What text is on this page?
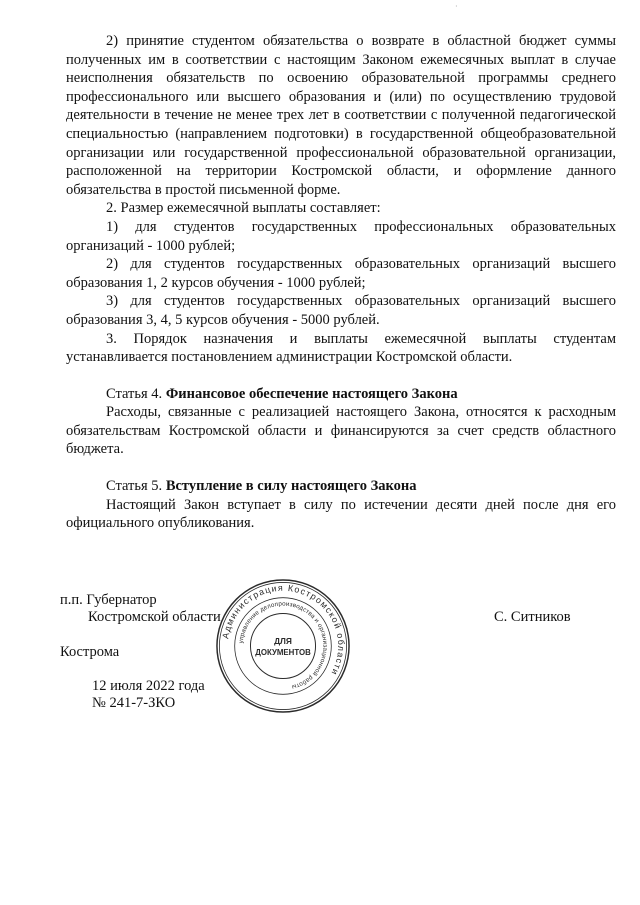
·

2) принятие студентом обязательства о возврате в областной бюджет суммы полученных им в соответствии с настоящим Законом ежемесячных выплат в случае неисполнения обязательств по освоению образовательной программы среднего профессионального или высшего образования и (или) по осуществлению трудовой деятельности в течение не менее трех лет в соответствии с полученной педагогической специальностью (направлением подготовки) в государственной общеобразовательной организации или государственной профессиональной образовательной организации, расположенной на территории Костромской области, и оформление данного обязательства в простой письменной форме.

2. Размер ежемесячной выплаты составляет:

1) для студентов государственных профессиональных образовательных организаций - 1000 рублей;

2) для студентов государственных образовательных организаций высшего образования 1, 2 курсов обучения - 1000 рублей;

3) для студентов государственных образовательных организаций высшего образования 3, 4, 5 курсов обучения - 5000 рублей.

3. Порядок назначения и выплаты ежемесячной выплаты студентам устанавливается постановлением администрации Костромской области.

Статья 4. Финансовое обеспечение настоящего Закона

Расходы, связанные с реализацией настоящего Закона, относятся к расходным обязательствам Костромской области и финансируются за счет средств областного бюджета.

Статья 5. Вступление в силу настоящего Закона

Настоящий Закон вступает в силу по истечении десяти дней после дня его официального опубликования.

п.п. Губернатор
Костромской области	С. Ситников
Кострома
12 июля 2022 года
№ 241-7-ЗКО
Администрация Костромской области
управление делопроизводства и организационной работы
ДЛЯ
ДОКУМЕНТОВ
